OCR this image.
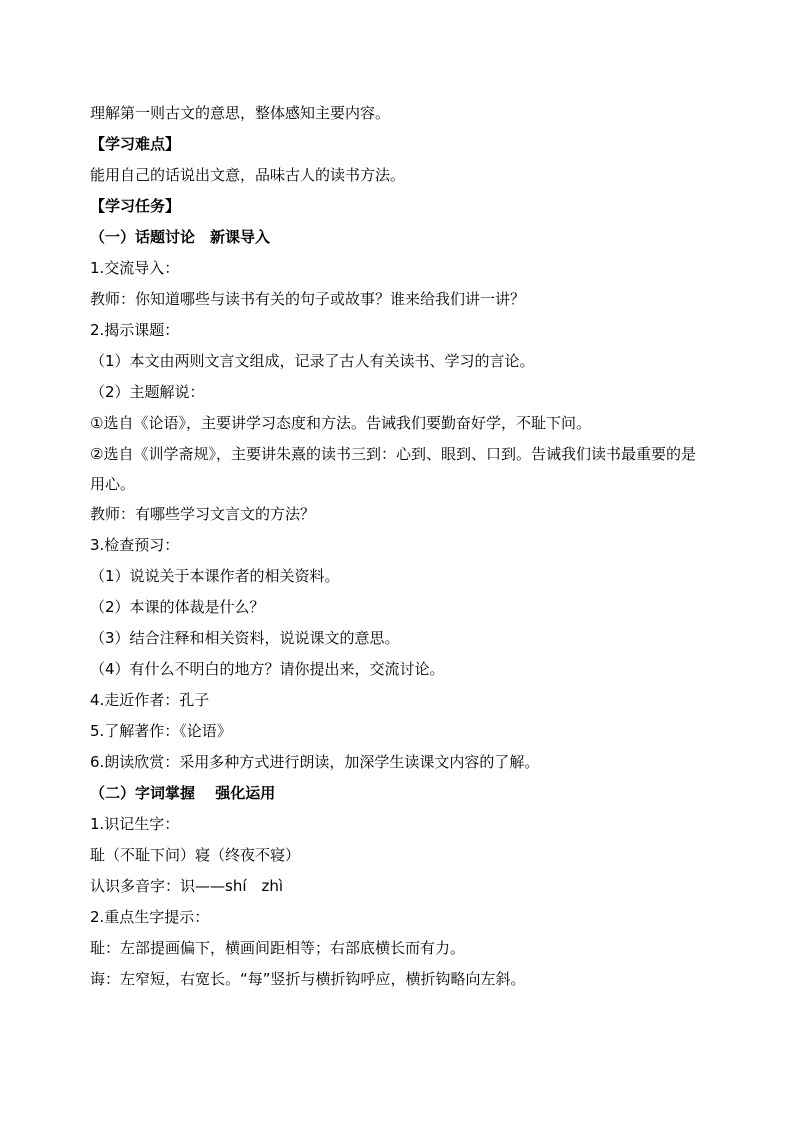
理解第一则古文的意思，整体感知主要内容。
【学习难点】
能用自己的话说出文意，品味古人的读书方法。
【学习任务】
（一）话题讨论　新课导入
1.交流导入：
教师：你知道哪些与读书有关的句子或故事？谁来给我们讲一讲？
2.揭示课题：
（1）本文由两则文言文组成，记录了古人有关读书、学习的言论。
（2）主题解说：
①选自《论语》，主要讲学习态度和方法。告诫我们要勤奋好学，不耻下问。
②选自《训学斋规》，主要讲朱熹的读书三到：心到、眼到、口到。告诫我们读书最重要的是用心。
教师：有哪些学习文言文的方法？
3.检查预习：
（1）说说关于本课作者的相关资料。
（2）本课的体裁是什么？
（3）结合注释和相关资料，说说课文的意思。
（4）有什么不明白的地方？请你提出来，交流讨论。
4.走近作者：孔子
5.了解著作：《论语》
6.朗读欣赏：采用多种方式进行朗读，加深学生读课文内容的了解。
（二）字词掌握　 强化运用
1.识记生字：
耻（不耻下问）寝（终夜不寝）
认识多音字：识——shí　zhì
2.重点生字提示：
耻：左部提画偏下，横画间距相等；右部底横长而有力。
诲：左窄短，右宽长。“每”竖折与横折钩呼应，横折钩略向左斜。
